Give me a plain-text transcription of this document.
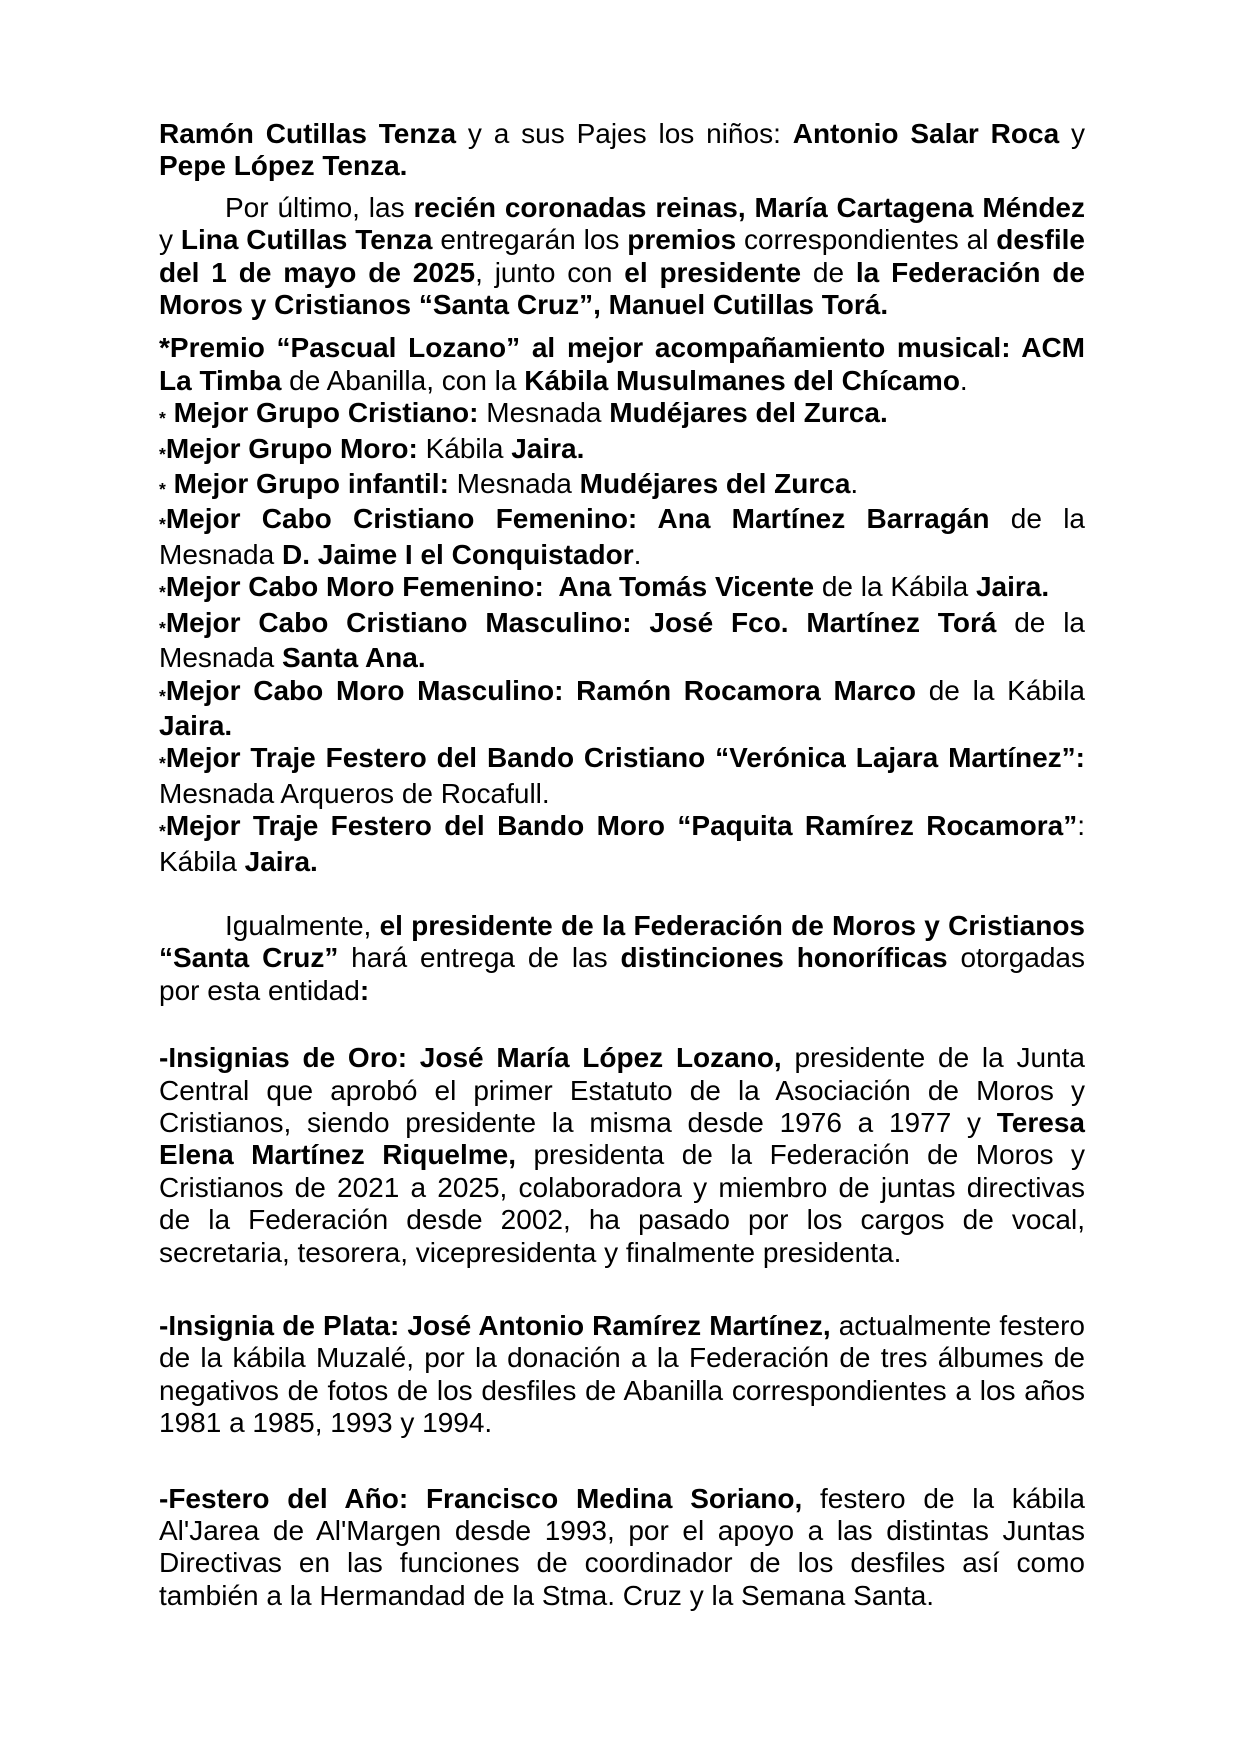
Ramón Cutillas Tenza y a sus Pajes los niños: Antonio Salar Roca y Pepe López Tenza.

Por último, las recién coronadas reinas, María Cartagena Méndez y Lina Cutillas Tenza entregarán los premios correspondientes al desfile del 1 de mayo de 2025, junto con el presidente de la Federación de Moros y Cristianos “Santa Cruz”, Manuel Cutillas Torá.

*Premio “Pascual Lozano” al mejor acompañamiento musical: ACM La Timba de Abanilla, con la Kábila Musulmanes del Chícamo.

* Mejor Grupo Cristiano: Mesnada Mudéjares del Zurca.

*Mejor Grupo Moro: Kábila Jaira.

* Mejor Grupo infantil: Mesnada Mudéjares del Zurca.

*Mejor Cabo Cristiano Femenino: Ana Martínez Barragán de la Mesnada D. Jaime I el Conquistador.

*Mejor Cabo Moro Femenino:  Ana Tomás Vicente de la Kábila Jaira.

*Mejor Cabo Cristiano Masculino: José Fco. Martínez Torá de la Mesnada Santa Ana.

*Mejor Cabo Moro Masculino: Ramón Rocamora Marco de la Kábila Jaira.

*Mejor Traje Festero del Bando Cristiano “Verónica Lajara Martínez”: Mesnada Arqueros de Rocafull.

*Mejor Traje Festero del Bando Moro “Paquita Ramírez Rocamora”: Kábila Jaira.

Igualmente, el presidente de la Federación de Moros y Cristianos “Santa Cruz” hará entrega de las distinciones honoríficas otorgadas por esta entidad:

-Insignias de Oro: José María López Lozano, presidente de la Junta Central que aprobó el primer Estatuto de la Asociación de Moros y Cristianos, siendo presidente la misma desde 1976 a 1977 y Teresa Elena Martínez Riquelme, presidenta de la Federación de Moros y Cristianos de 2021 a 2025, colaboradora y miembro de juntas directivas de la Federación desde 2002, ha pasado por los cargos de vocal, secretaria, tesorera, vicepresidenta y finalmente presidenta.

-Insignia de Plata: José Antonio Ramírez Martínez, actualmente festero de la kábila Muzalé, por la donación a la Federación de tres álbumes de negativos de fotos de los desfiles de Abanilla correspondientes a los años 1981 a 1985, 1993 y 1994.

-Festero del Año: Francisco Medina Soriano, festero de la kábila Al'Jarea de Al'Margen desde 1993, por el apoyo a las distintas Juntas Directivas en las funciones de coordinador de los desfiles así como también a la Hermandad de la Stma. Cruz y la Semana Santa.
